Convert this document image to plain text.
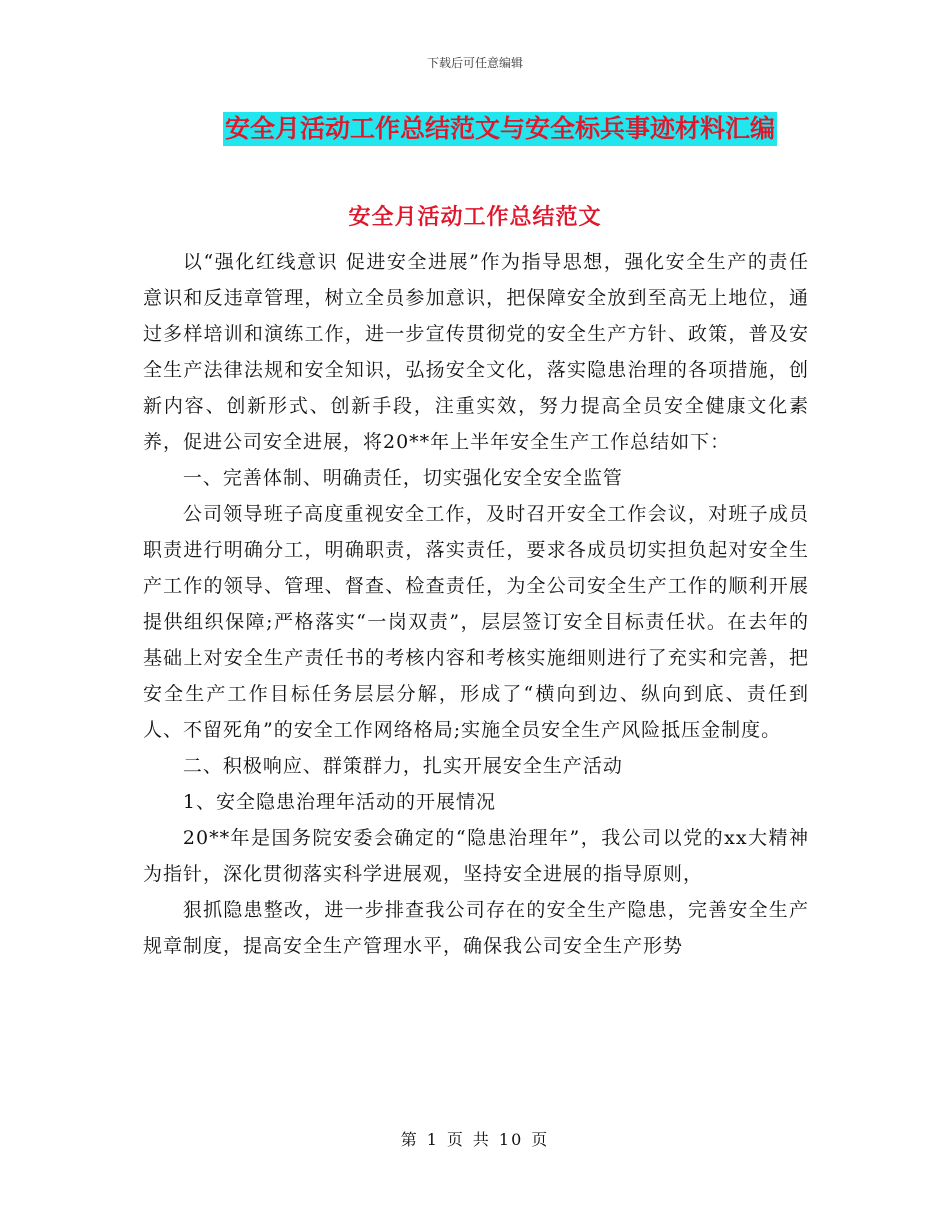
下载后可任意编辑
安全月活动工作总结范文与安全标兵事迹材料汇编
安全月活动工作总结范文

以“强化红线意识 促进安全进展”作为指导思想，强化安全生产的责任意识和反违章管理，树立全员参加意识，把保障安全放到至高无上地位，通过多样培训和演练工作，进一步宣传贯彻党的安全生产方针、政策，普及安全生产法律法规和安全知识，弘扬安全文化，落实隐患治理的各项措施，创新内容、创新形式、创新手段，注重实效，努力提高全员安全健康文化素养，促进公司安全进展，将20**年上半年安全生产工作总结如下：

一、完善体制、明确责任，切实强化安全安全监管

公司领导班子高度重视安全工作，及时召开安全工作会议，对班子成员职责进行明确分工，明确职责，落实责任，要求各成员切实担负起对安全生产工作的领导、管理、督查、检查责任，为全公司安全生产工作的顺利开展提供组织保障;严格落实“一岗双责”，层层签订安全目标责任状。在去年的基础上对安全生产责任书的考核内容和考核实施细则进行了充实和完善，把安全生产工作目标任务层层分解，形成了“横向到边、纵向到底、责任到人、不留死角”的安全工作网络格局;实施全员安全生产风险抵压金制度。

二、积极响应、群策群力，扎实开展安全生产活动

1、安全隐患治理年活动的开展情况

20**年是国务院安委会确定的“隐患治理年”，我公司以党的xx大精神为指针，深化贯彻落实科学进展观，坚持安全进展的指导原则，

狠抓隐患整改，进一步排查我公司存在的安全生产隐患，完善安全生产规章制度，提高安全生产管理水平，确保我公司安全生产形势

第 1 页 共 10 页
